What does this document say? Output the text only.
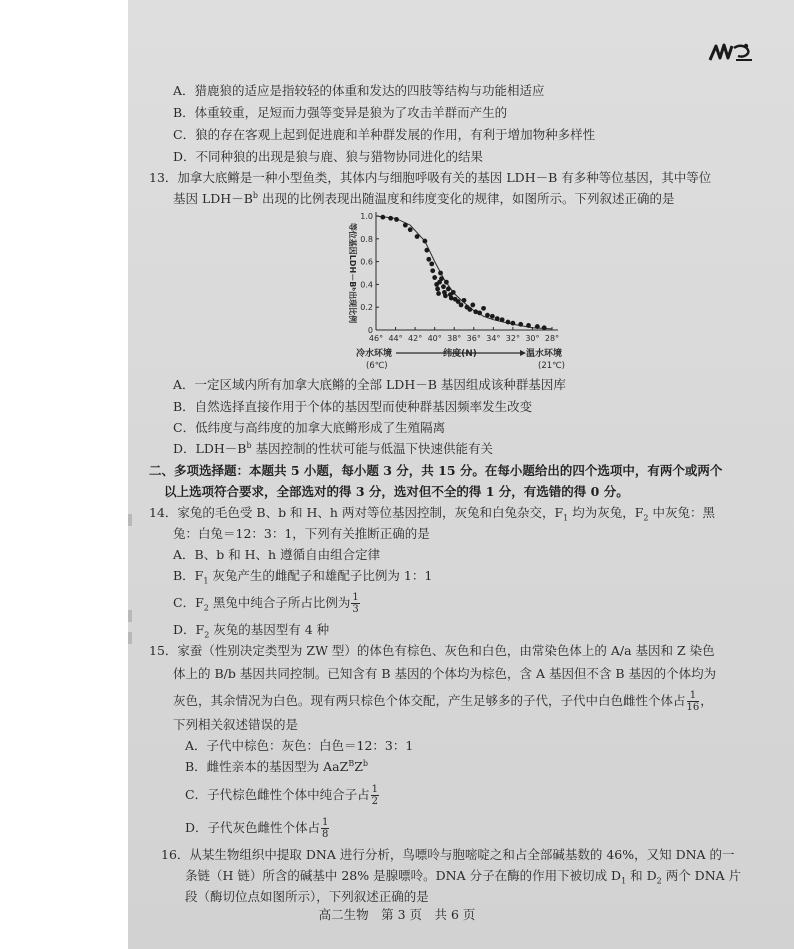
A．猎鹿狼的适应是指较轻的体重和发达的四肢等结构与功能相适应
B．体重较重，足短而力强等变异是狼为了攻击羊群而产生的
C．狼的存在客观上起到促进鹿和羊种群发展的作用，有利于增加物种多样性
D．不同种狼的出现是狼与鹿、狼与猎物协同进化的结果
13．加拿大底鳉是一种小型鱼类，其体内与细胞呼吸有关的基因 LDH－B 有多种等位基因，其中等位
基因 $LDH-B^b$ 出现的比例表现出随温度和纬度变化的规律，如图所示。下列叙述正确的是
0
0.2
0.4
0.6
0.8
1.0
46° 44° 42° 40° 38° 36° 34° 32° 30° 28°
等位基因LDH－Bᵇ出现比例
冷水环境
(6℃)
温水环境
(21℃)
纬度(N)
A．一定区域内所有加拿大底鳉的全部 LDH－B 基因组成该种群基因库
B．自然选择直接作用于个体的基因型而使种群基因频率发生改变
C．低纬度与高纬度的加拿大底鳉形成了生殖隔离
D．$LDH-B^b$ 基因控制的性状可能与低温下快速供能有关
二、多项选择题：本题共 5 小题，每小题 3 分，共 15 分。在每小题给出的四个选项中，有两个或两个
以上选项符合要求，全部选对的得 3 分，选对但不全的得 1 分，有选错的得 0 分。
14．家兔的毛色受 B、b 和 H、h 两对等位基因控制，灰兔和白兔杂交，$F_1$ 均为灰兔，$F_2$ 中灰兔：黑
兔：白兔＝12：3：1，下列有关推断正确的是
A．B、b 和 H、h 遵循自由组合定律
B．$F_1$ 灰兔产生的雌配子和雄配子比例为 1：1
C．$F_2$ 黑兔中纯合子所占比例为 $\frac{1}{3}$
D．$F_2$ 灰兔的基因型有 4 种
15．家蚕（性别决定类型为 ZW 型）的体色有棕色、灰色和白色，由常染色体上的 A/a 基因和 Z 染色
体上的 B/b 基因共同控制。已知含有 B 基因的个体均为棕色，含 A 基因但不含 B 基因的个体均为
灰色，其余情况为白色。现有两只棕色个体交配，产生足够多的子代，子代中白色雌性个体占 $\frac{1}{16}$ ，
下列相关叙述错误的是
A．子代中棕色：灰色：白色＝12：3：1
B．雌性亲本的基因型为 $AaZ^BZ^b$
C．子代棕色雌性个体中纯合子占 $\frac{1}{2}$
D．子代灰色雌性个体占 $\frac{1}{8}$
16．从某生物组织中提取 DNA 进行分析，鸟嘌呤与胞嘧啶之和占全部碱基数的 46%，又知 DNA 的一
条链（H 链）所含的碱基中 28% 是腺嘌呤。DNA 分子在酶的作用下被切成 $D_1$ 和 $D_2$ 两个 DNA 片
段（酶切位点如图所示），下列叙述正确的是
高二生物　第 3 页　共 6 页
